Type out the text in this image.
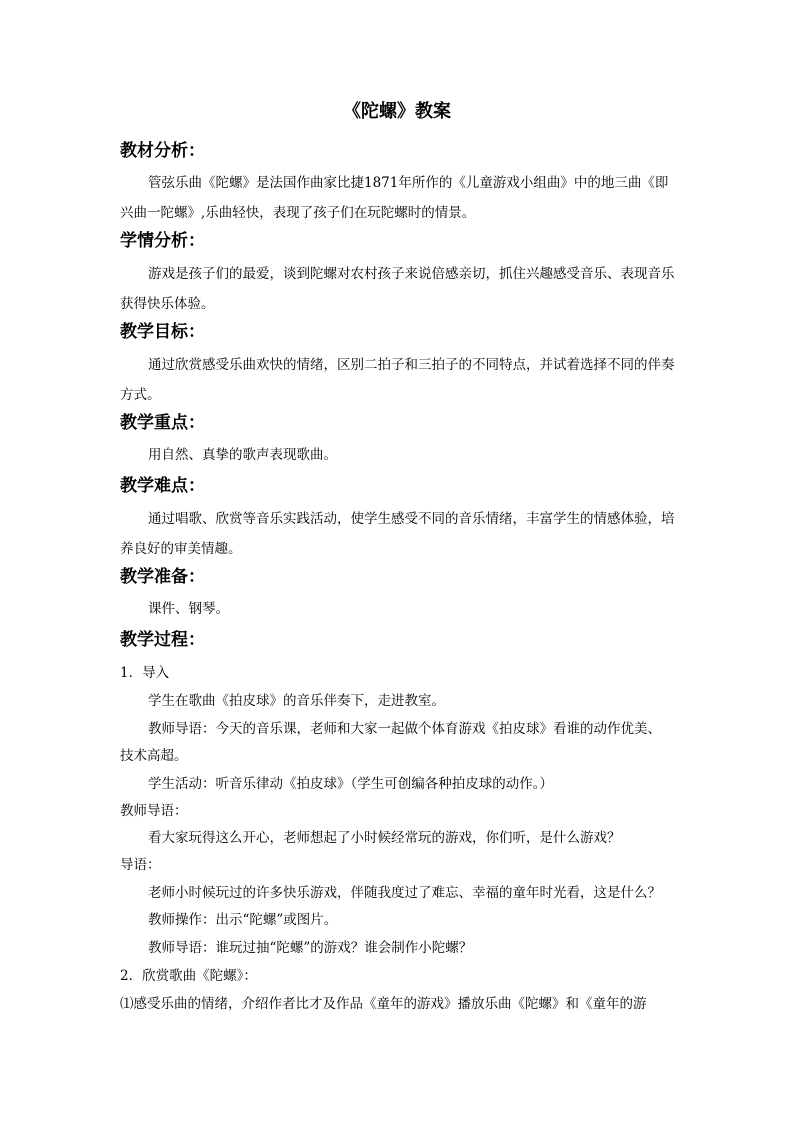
《陀螺》教案
教材分析：
管弦乐曲《陀螺》是法国作曲家比捷1871年所作的《儿童游戏小组曲》中的地三曲《即兴曲一陀螺》,乐曲轻快，表现了孩子们在玩陀螺时的情景。
学情分析：
游戏是孩子们的最爱，谈到陀螺对农村孩子来说倍感亲切，抓住兴趣感受音乐、表现音乐获得快乐体验。
教学目标：
通过欣赏感受乐曲欢快的情绪，区别二拍子和三拍子的不同特点，并试着选择不同的伴奏方式。
教学重点：
用自然、真挚的歌声表现歌曲。
教学难点：
通过唱歌、欣赏等音乐实践活动，使学生感受不同的音乐情绪，丰富学生的情感体验，培养良好的审美情趣。
教学准备：
课件、钢琴。
教学过程：
1．导入
学生在歌曲《拍皮球》的音乐伴奏下，走进教室。
教师导语：今天的音乐课，老师和大家一起做个体育游戏《拍皮球》看谁的动作优美、
技术高超。
学生活动：听音乐律动《拍皮球》（学生可创编各种拍皮球的动作。）
教师导语：
看大家玩得这么开心，老师想起了小时候经常玩的游戏，你们听，是什么游戏？
导语：
老师小时候玩过的许多快乐游戏，伴随我度过了难忘、幸福的童年时光看，这是什么？
教师操作：出示“陀螺”或图片。
教师导语：谁玩过抽“陀螺”的游戏？谁会制作小陀螺？
2．欣赏歌曲《陀螺》：
⑴感受乐曲的情绪，介绍作者比才及作品《童年的游戏》播放乐曲《陀螺》和《童年的游
